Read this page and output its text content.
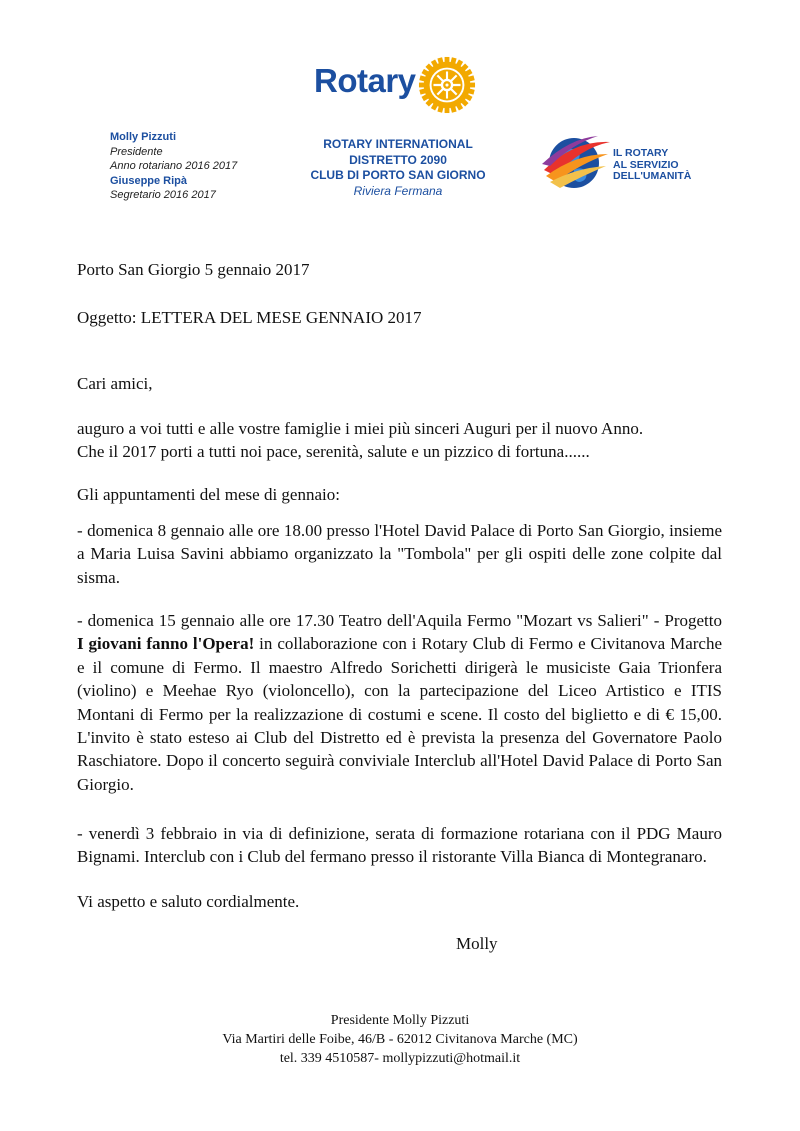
Rotary
Molly Pizzuti
Presidente
Anno rotariano 2016 2017
Giuseppe Ripà
Segretario 2016 2017
ROTARY INTERNATIONAL
DISTRETTO 2090
CLUB DI PORTO SAN GIORNO
Riviera Fermana
IL ROTARY
AL SERVIZIO
DELL'UMANITÀ
Porto San Giorgio 5 gennaio 2017
Oggetto: LETTERA DEL MESE GENNAIO 2017
Cari amici,
auguro a voi tutti e alle vostre famiglie i miei più sinceri Auguri per il nuovo Anno.
Che il 2017 porti a tutti noi pace, serenità, salute e un pizzico di fortuna......
Gli appuntamenti del mese di gennaio:

- domenica 8 gennaio alle ore 18.00 presso l'Hotel David Palace di Porto San Giorgio, insieme a Maria Luisa Savini abbiamo organizzato la "Tombola" per gli ospiti delle zone colpite dal sisma.

- domenica 15 gennaio alle ore 17.30 Teatro dell'Aquila Fermo "Mozart vs Salieri" - Progetto I giovani fanno l'Opera! in collaborazione con i Rotary Club di Fermo e Civitanova Marche e il comune di Fermo. Il maestro Alfredo Sorichetti dirigerà le musiciste Gaia Trionfera (violino) e Meehae Ryo (violoncello), con la partecipazione del Liceo Artistico e ITIS Montani di Fermo per la realizzazione di costumi e scene. Il costo del biglietto e di € 15,00. L'invito è stato esteso ai Club del Distretto ed è prevista la presenza del Governatore Paolo Raschiatore. Dopo il concerto seguirà conviviale Interclub all'Hotel David Palace di Porto San Giorgio.

- venerdì 3 febbraio in via di definizione, serata di formazione rotariana con il PDG Mauro Bignami. Interclub con i Club del fermano presso il ristorante Villa Bianca di Montegranaro.

Vi aspetto e saluto cordialmente.
Molly
Presidente Molly Pizzuti
Via Martiri delle Foibe, 46/B - 62012 Civitanova Marche (MC)
tel. 339 4510587- mollypizzuti@hotmail.it
